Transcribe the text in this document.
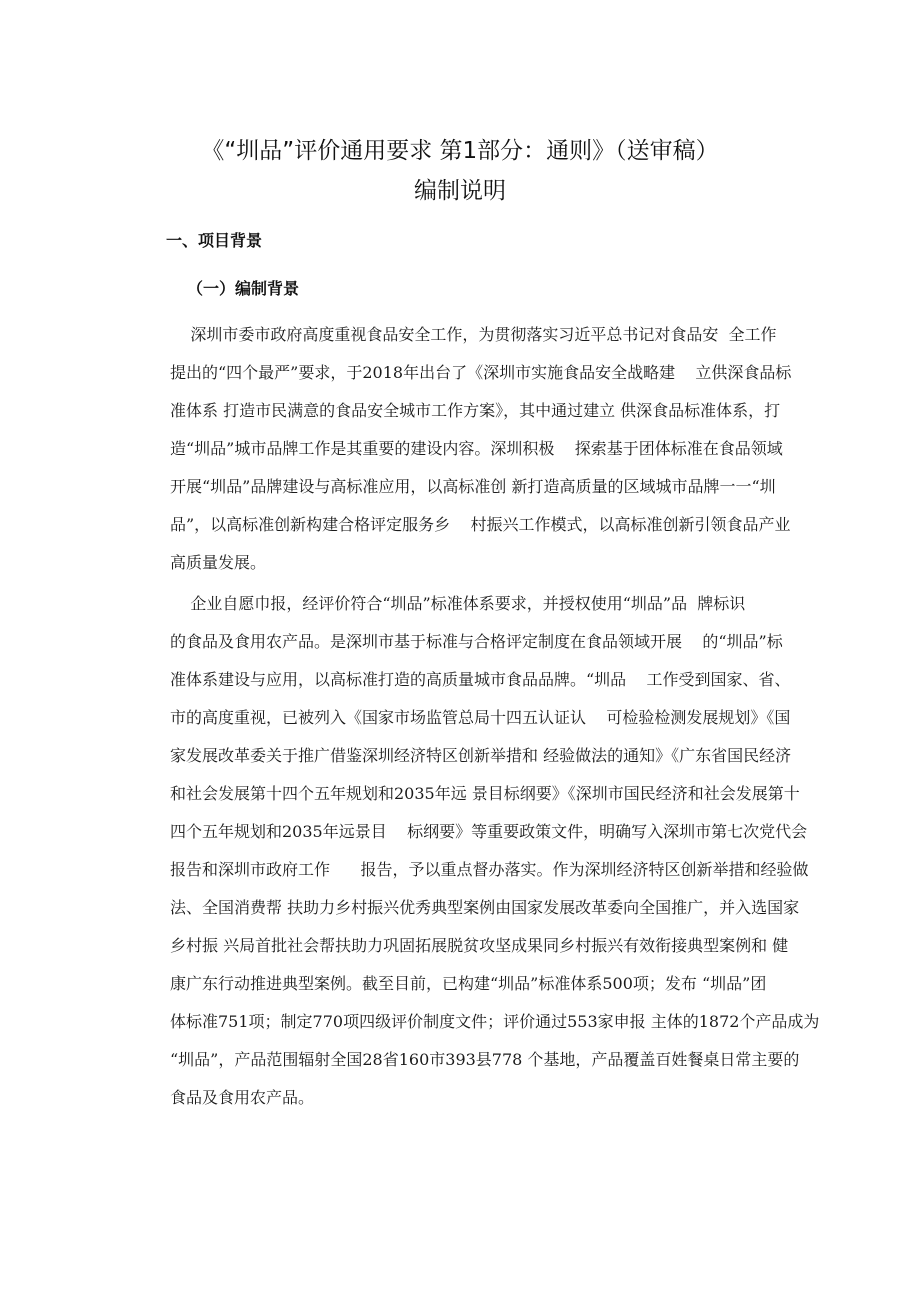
《“圳品”评价通用要求 第1部分：通则》（送审稿）
编制说明
一、项目背景
（一）编制背景
深圳市委市政府高度重视食品安全工作，为贯彻落实习近平总书记对食品安  全工作
提出的“四个最严”要求，于2018年出台了《深圳市实施食品安全战略建    立供深食品标
准体系 打造市民满意的食品安全城市工作方案》，其中通过建立 供深食品标准体系，打
造“圳品”城市品牌工作是其重要的建设内容。深圳积极    探索基于团体标准在食品领域
开展“圳品”品牌建设与高标准应用，以高标准创 新打造高质量的区域城市品牌一一“圳
品”，以高标准创新构建合格评定服务乡    村振兴工作模式，以高标准创新引领食品产业
高质量发展。
企业自愿巾报，经评价符合“圳品”标准体系要求，并授权使用“圳品”品  牌标识
的食品及食用农产品。是深圳市基于标准与合格评定制度在食品领域开展    的“圳品”标
准体系建设与应用，以高标准打造的高质量城市食品品牌。“圳品    工作受到国家、省、
市的高度重视，已被列入《国家市场监管总局十四五认证认    可检验检测发展规划》《国
家发展改革委关于推广借鉴深圳经济特区创新举措和 经验做法的通知》《广东省国民经济
和社会发展第十四个五年规划和2035年远 景目标纲要》《深圳市国民经济和社会发展第十
四个五年规划和2035年远景目    标纲要》等重要政策文件，明确写入深圳市第七次党代会
报告和深圳市政府工作      报告，予以重点督办落实。作为深圳经济特区创新举措和经验做
法、全国消费帮 扶助力乡村振兴优秀典型案例由国家发展改革委向全国推广，并入选国家
乡村振 兴局首批社会帮扶助力巩固拓展脱贫攻坚成果同乡村振兴有效衔接典型案例和 健
康广东行动推进典型案例。截至目前，已构建“圳品”标准体系500项；发布 “圳品”团
体标准751项；制定770项四级评价制度文件；评价通过553家申报 主体的1872个产品成为
“圳品”，产品范围辐射全国28省160市393县778 个基地，产品覆盖百姓餐桌日常主要的
食品及食用农产品。
